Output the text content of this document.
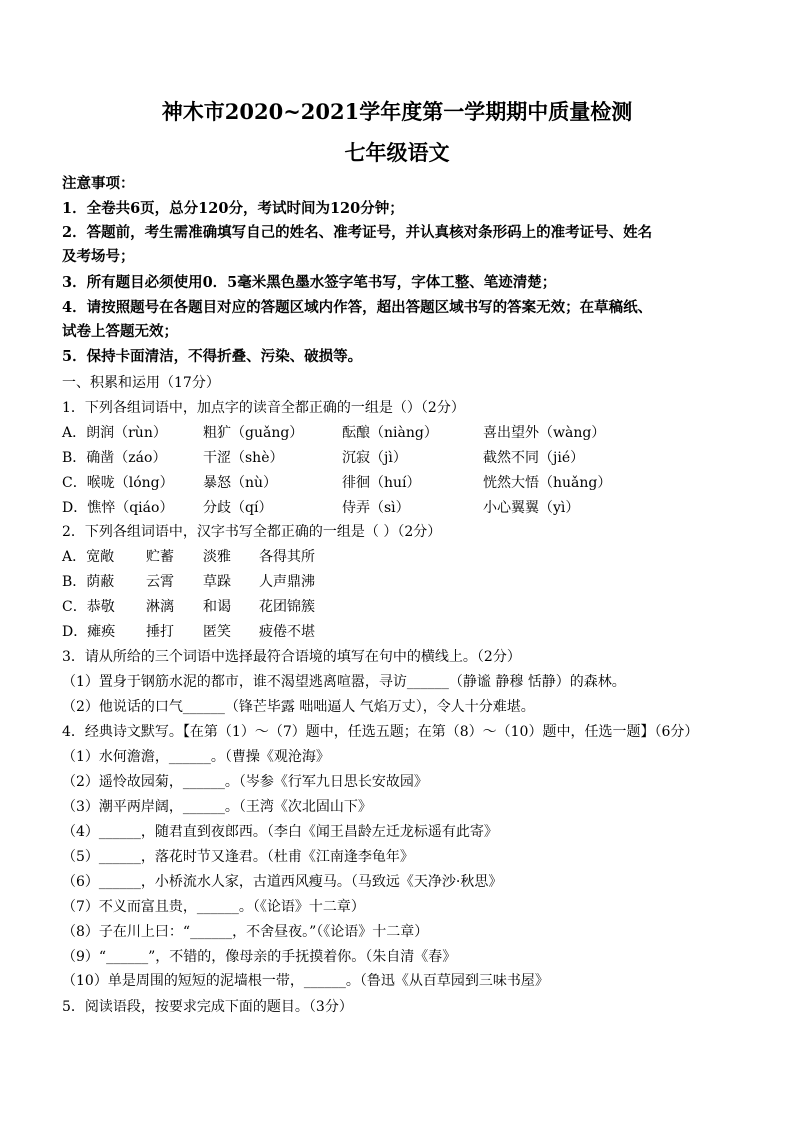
神木市2020~2021学年度第一学期期中质量检测
七年级语文
注意事项：
1．全卷共6页，总分120分，考试时间为120分钟；
2．答题前，考生需准确填写自己的姓名、准考证号，并认真核对条形码上的准考证号、姓名
及考场号；
3．所有题目必须使用0．5毫米黑色墨水签字笔书写，字体工整、笔迹清楚；
4．请按照题号在各题目对应的答题区域内作答，超出答题区域书写的答案无效；在草稿纸、
试卷上答题无效；
5．保持卡面清洁，不得折叠、污染、破损等。
一、积累和运用（17分）
1．下列各组词语中，加点字的读音全都正确的一组是（）（2分）
A．朗润（rùn）	粗犷（guǎng）	酝酿（niàng）	喜出望外（wàng）
B．确凿（záo）	干涩（shè）	沉寂（jì）	截然不同（jié）
C．喉咙（lóng） 暴怒（nù）	徘徊（huí）	恍然大悟（huǎng）
D．憔悴（qiáo） 分歧（qí）	侍弄（sì）	小心翼翼（yì）
2．下列各组词语中，汉字书写全都正确的一组是（ ）（2分）
A．宽敞 贮蓄 淡雅 各得其所
B．荫蔽 云霄 草跺 人声鼎沸
C．恭敬 淋漓 和谒 花团锦簇
D．瘫痪 捶打 匿笑 疲倦不堪
3．请从所给的三个词语中选择最符合语境的填写在句中的横线上。（2分）
（1）置身于钢筋水泥的都市，谁不渴望逃离喧嚣，寻访______（静谧 静穆 恬静）的森林。
（2）他说话的口气______（锋芒毕露 咄咄逼人 气焰万丈），令人十分难堪。
4．经典诗文默写。【在第（1）～（7）题中，任选五题；在第（8）～（10）题中，任选一题】（6分）
（1）水何澹澹，______。（曹操《观沧海》
（2）遥怜故园菊，______。（岑参《行军九日思长安故园》
（3）潮平两岸阔，______。（王湾《次北固山下》
（4）______，随君直到夜郎西。（李白《闻王昌龄左迁龙标遥有此寄》
（5）______，落花时节又逢君。（杜甫《江南逢李龟年》
（6）______，小桥流水人家，古道西风瘦马。（马致远《天净沙·秋思》
（7）不义而富且贵，______。（《论语》十二章）
（8）子在川上曰：“______，不舍昼夜。”（《论语》十二章）
（9）“______”，不错的，像母亲的手抚摸着你。（朱自清《春》
（10）单是周围的短短的泥墙根一带，______。（鲁迅《从百草园到三味书屋》
5．阅读语段，按要求完成下面的题目。（3分）
